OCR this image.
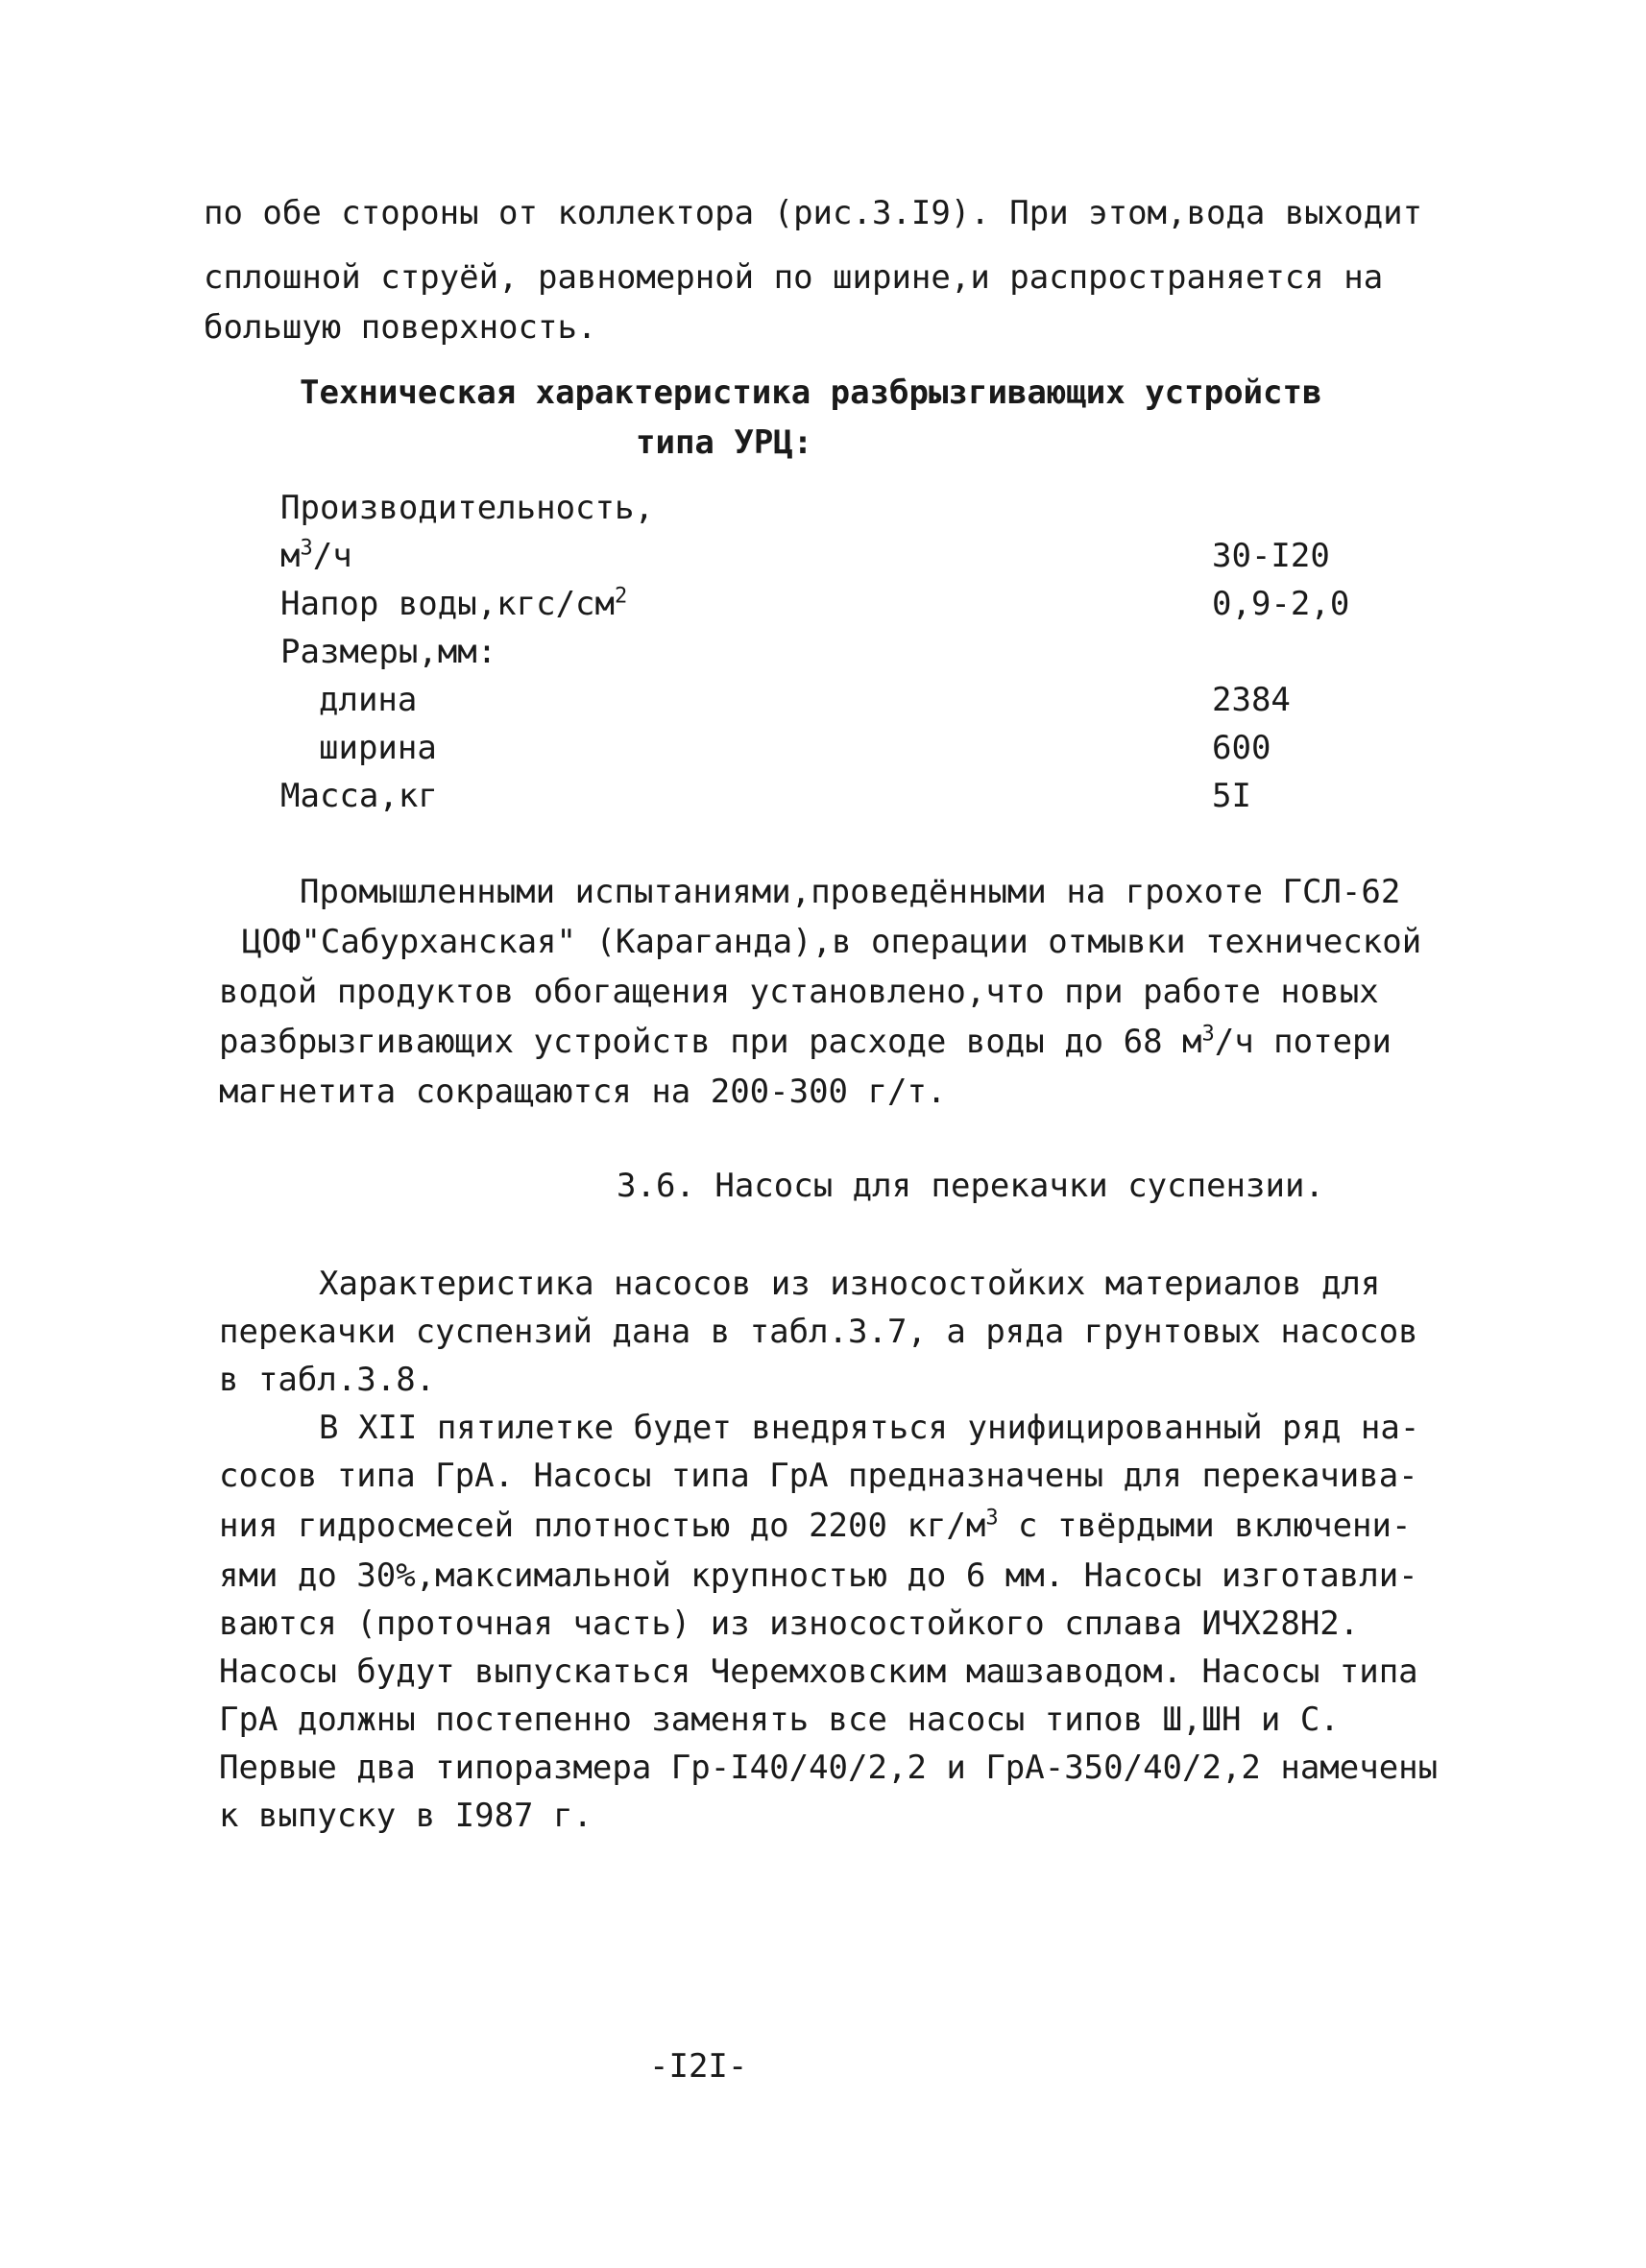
по обе стороны от коллектора (рис.3.I9). При этом,вода выходит
сплошной струёй, равномерной по ширине,и распространяется на
большую поверхность.
Техническая характеристика разбрызгивающих устройств
типа УРЦ:
Производительность,
$м^3/ч$	30-I20
Напор $воды,кгс/см^2$	0,9-2,0
Размеры,мм:
длина	2384
ширина	600
Масса,кг	5I
Промышленными испытаниями,проведёнными на грохоте ГСЛ-62
ЦОФ"Сабурханская" (Караганда),в операции отмывки технической
водой продуктов обогащения установлено,что при работе новых
разбрызгивающих устройств при расходе воды до 68 $м^3/ч$ потери
магнетита сокращаются на 200-300 г/т.
3.6. Насосы для перекачки суспензии.
Характеристика насосов из износостойких материалов для
перекачки суспензий дана в табл.3.7, а ряда грунтовых насосов
в табл.3.8.
В XII пятилетке будет внедряться унифицированный ряд на-
сосов типа ГрА. Насосы типа ГрА предназначены для перекачива-
ния гидросмесей плотностью до 2200 $кг/м^3$ с твёрдыми включени-
ями до 30%,максимальной крупностью до 6 мм. Насосы изготавли-
ваются (проточная часть) из износостойкого сплава ИЧХ28Н2.
Насосы будут выпускаться Черемховским машзаводом. Насосы типа
ГрА должны постепенно заменять все насосы типов Ш,ШН и С.
Первые два типоразмера Гр-I40/40/2,2 и ГрА-350/40/2,2 намечены
к выпуску в I987 г.
-I2I-
